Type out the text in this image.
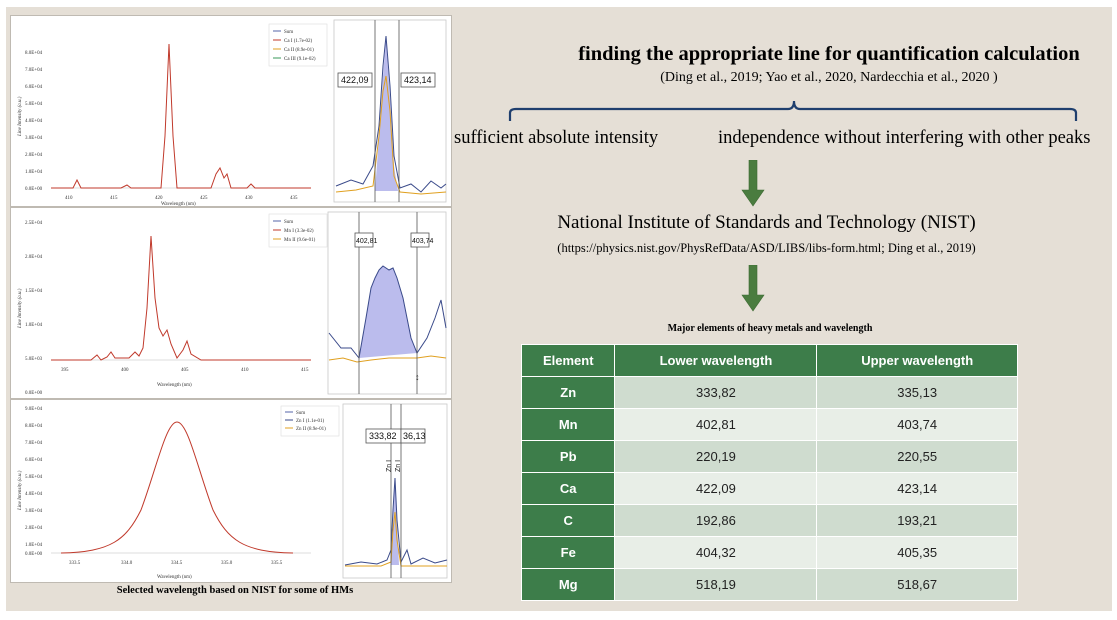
Sum
Ca I (1.7e-02)
Ca II (8.9e-01)
Ca III (9.1e-02)
8.0E+04
7.0E+04
6.0E+04
5.0E+04
4.0E+04
3.0E+04
2.0E+04
1.0E+04
0.0E+00
Line Intensity (a.u.)
410	415	420	425	430	435
Wavelength (nm)
422,09	423,14
Sum
Mn I (3.3e-02)
Mn II (9.6e-01)
2.5E+04
2.0E+04
1.5E+04
1.0E+04
5.0E+03
0.0E+00
Line Intensity (a.u.)
395	400	405	410	415
Wavelength (nm)
402,81	403,74
↕
Sum
Zn I (1.1e-01)
Zn II (8.9e-01)
9.0E+04
8.0E+04
7.0E+04
6.0E+04
5.0E+04
4.0E+04
3.0E+04
2.0E+04
1.0E+04
0.0E+00
Line Intensity (a.u.)
333.5	334.0	334.5	335.0	335.5
Wavelength (nm)
333,82 36,13
Zn I Zn I
Selected wavelength based on NIST for some of HMs
finding the appropriate line for quantification calculation
(Ding et al., 2019; Yao et al., 2020, Nardecchia et al., 2020 )
sufficient absolute intensity	independence without interfering with other peaks
National Institute of Standards and Technology (NIST)
(https://physics.nist.gov/PhysRefData/ASD/LIBS/libs-form.html; Ding et al., 2019)
Major elements of heavy metals and wavelength
Element	Lower wavelength	Upper wavelength
Zn	333,82	335,13
Mn	402,81	403,74
Pb	220,19	220,55
Ca	422,09	423,14
C	192,86	193,21
Fe	404,32	405,35
Mg	518,19	518,67
